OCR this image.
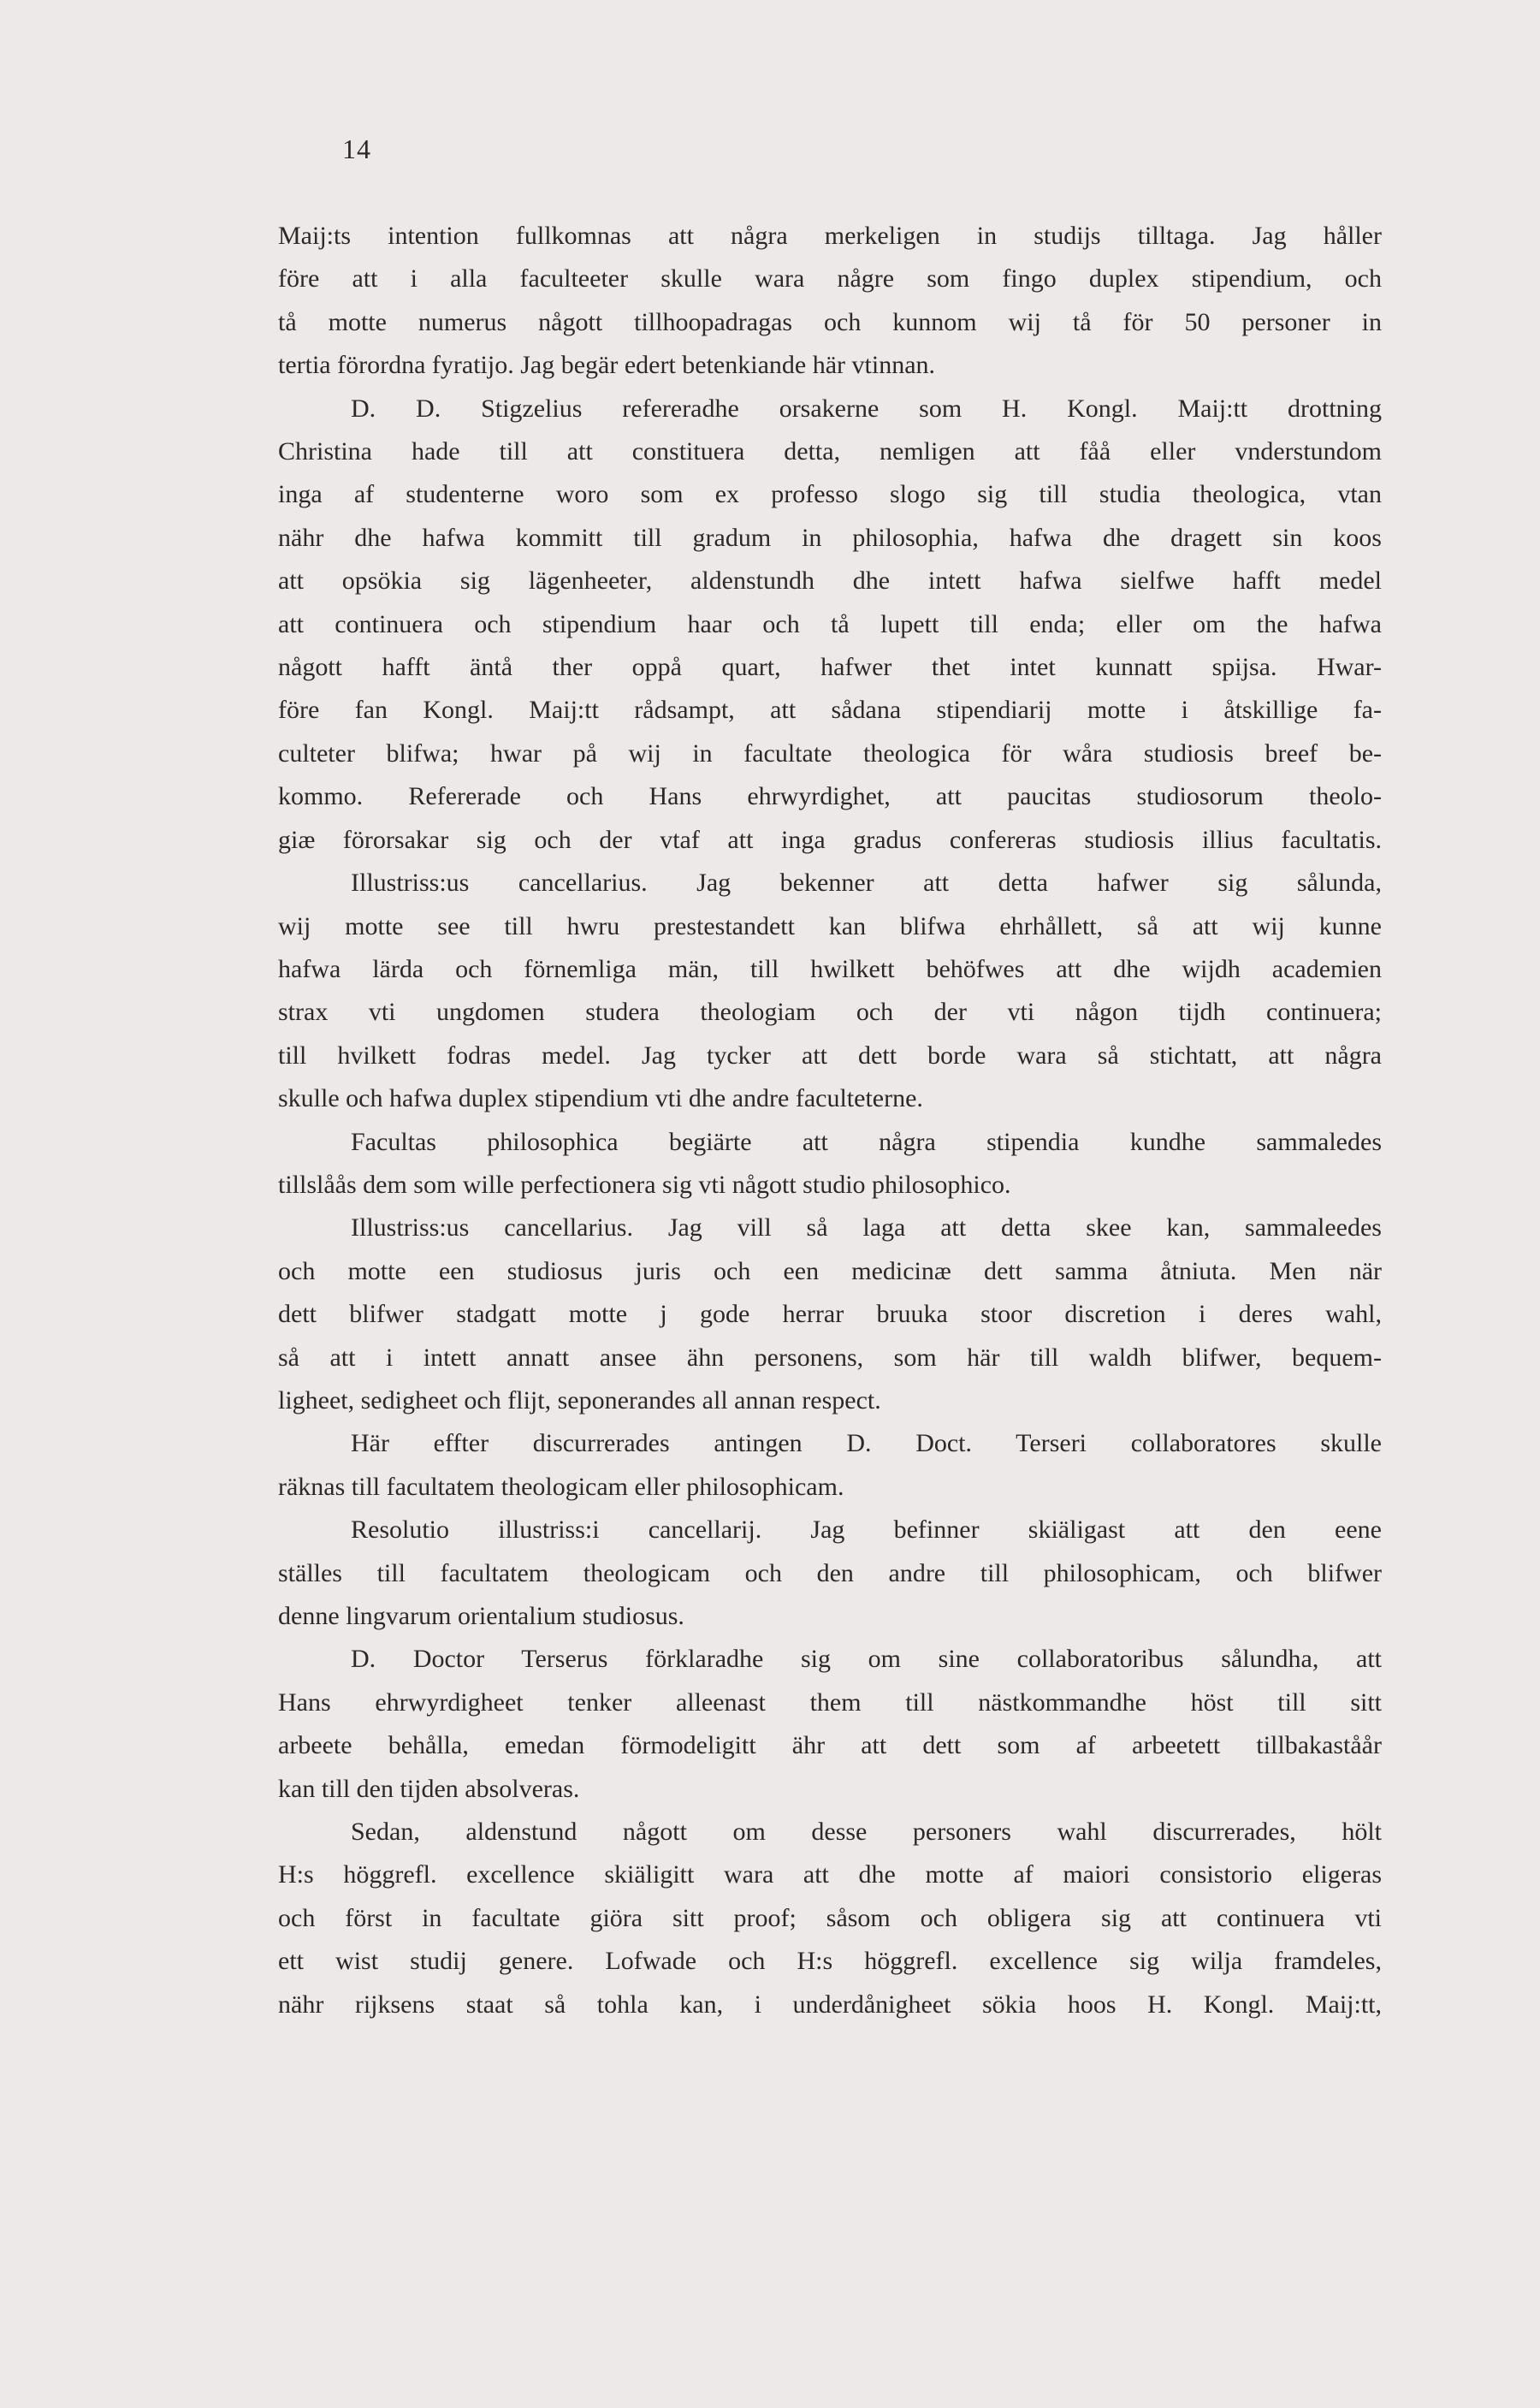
14
Maij:ts intention fullkomnas att några merkeligen in studijs tilltaga. Jag håller
före att i alla faculteeter skulle wara någre som fingo duplex stipendium, och
tå motte numerus någott tillhoopadragas och kunnom wij tå för 50 personer in
tertia förordna fyratijo. Jag begär edert betenkiande här vtinnan.
D. D. Stigzelius refereradhe orsakerne som H. Kongl. Maij:tt drottning
Christina hade till att constituera detta, nemligen att fåå eller vnderstundom
inga af studenterne woro som ex professo slogo sig till studia theologica, vtan
nähr dhe hafwa kommitt till gradum in philosophia, hafwa dhe dragett sin koos
att opsökia sig lägenheeter, aldenstundh dhe intett hafwa sielfwe hafft medel
att continuera och stipendium haar och tå lupett till enda; eller om the hafwa
någott hafft äntå ther oppå quart, hafwer thet intet kunnatt spijsa. Hwar-
före fan Kongl. Maij:tt rådsampt, att sådana stipendiarij motte i åtskillige fa-
culteter blifwa; hwar på wij in facultate theologica för wåra studiosis breef be-
kommo. Refererade och Hans ehrwyrdighet, att paucitas studiosorum theolo-
giæ förorsakar sig och der vtaf att inga gradus confereras studiosis illius facultatis.
Illustriss:us cancellarius. Jag bekenner att detta hafwer sig sålunda,
wij motte see till hwru prestestandett kan blifwa ehrhållett, så att wij kunne
hafwa lärda och förnemliga män, till hwilkett behöfwes att dhe wijdh academien
strax vti ungdomen studera theologiam och der vti någon tijdh continuera;
till hvilkett fodras medel. Jag tycker att dett borde wara så stichtatt, att några
skulle och hafwa duplex stipendium vti dhe andre faculteterne.
Facultas philosophica begiärte att några stipendia kundhe sammaledes
tillslåås dem som wille perfectionera sig vti någott studio philosophico.
Illustriss:us cancellarius. Jag vill så laga att detta skee kan, sammaleedes
och motte een studiosus juris och een medicinæ dett samma åtniuta. Men när
dett blifwer stadgatt motte j gode herrar bruuka stoor discretion i deres wahl,
så att i intett annatt ansee ähn personens, som här till waldh blifwer, bequem-
ligheet, sedigheet och flijt, seponerandes all annan respect.
Här effter discurrerades antingen D. Doct. Terseri collaboratores skulle
räknas till facultatem theologicam eller philosophicam.
Resolutio illustriss:i cancellarij. Jag befinner skiäligast att den eene
ställes till facultatem theologicam och den andre till philosophicam, och blifwer
denne lingvarum orientalium studiosus.
D. Doctor Terserus förklaradhe sig om sine collaboratoribus sålundha, att
Hans ehrwyrdigheet tenker alleenast them till nästkommandhe höst till sitt
arbeete behålla, emedan förmodeligitt ähr att dett som af arbeetett tillbakaståår
kan till den tijden absolveras.
Sedan, aldenstund någott om desse personers wahl discurrerades, hölt
H:s höggrefl. excellence skiäligitt wara att dhe motte af maiori consistorio eligeras
och först in facultate giöra sitt proof; såsom och obligera sig att continuera vti
ett wist studij genere. Lofwade och H:s höggrefl. excellence sig wilja framdeles,
nähr rijksens staat så tohla kan, i underdånigheet sökia hoos H. Kongl. Maij:tt,
